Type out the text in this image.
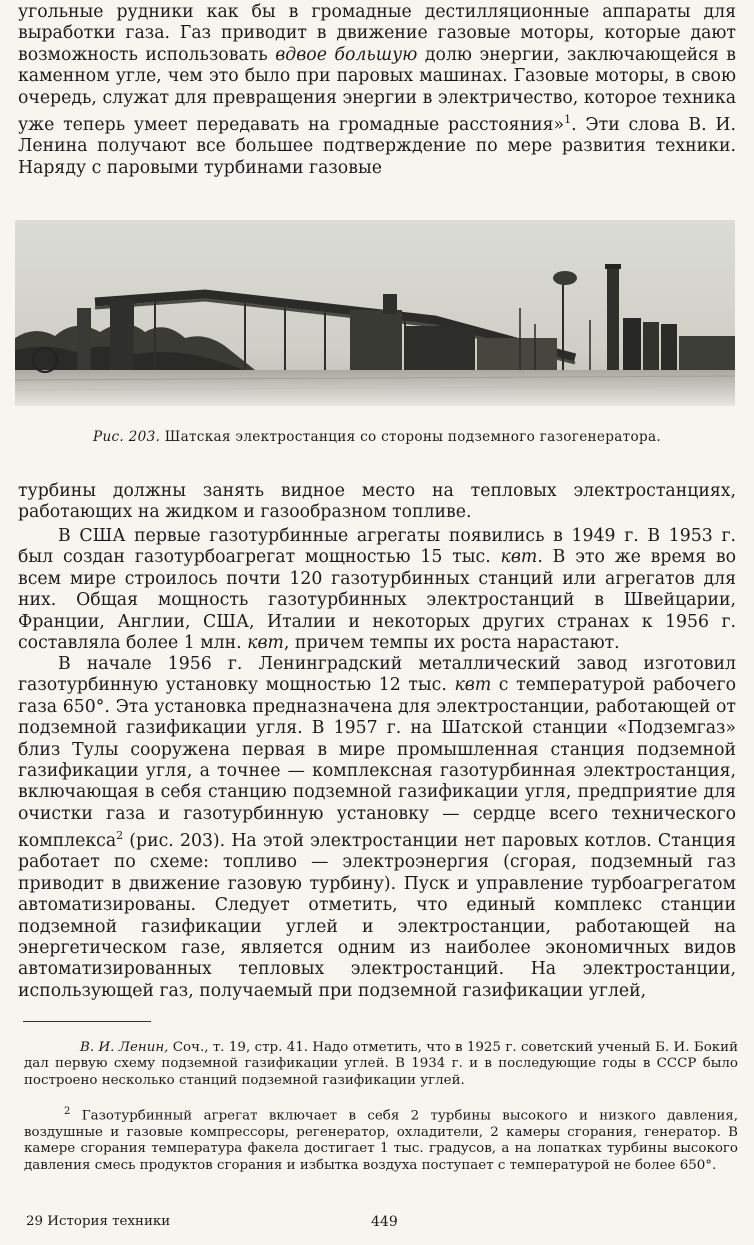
угольные рудники как бы в громадные дестилляционные аппараты для выработки газа. Газ приводит в движение газовые моторы, которые дают возможность использовать вдвое большую долю энергии, заключающейся в каменном угле, чем это было при паровых машинах. Газовые моторы, в свою очередь, служат для превращения энергии в электричество, которое техника уже теперь умеет передавать на громадные расстояния»$^1$. Эти слова В. И. Ленина получают все большее подтверждение по мере развития техники. Наряду с паровыми турбинами газовые

Рис. 203. Шатская электростанция со стороны подземного газогенератора.

турбины должны занять видное место на тепловых электростанциях, работающих на жидком и газообразном топливе.

В США первые газотурбинные агрегаты появились в 1949 г. В 1953 г. был создан газотурбоагрегат мощностью 15 тыс. квт. В это же время во всем мире строилось почти 120 газотурбинных станций или агрегатов для них. Общая мощность газотурбинных электростанций в Швейцарии, Франции, Англии, США, Италии и некоторых других странах к 1956 г. составляла более 1 млн. квт, причем темпы их роста нарастают.

В начале 1956 г. Ленинградский металлический завод изготовил газотурбинную установку мощностью 12 тыс. квт с температурой рабочего газа 650°. Эта установка предназначена для электростанции, работающей от подземной газификации угля. В 1957 г. на Шатской станции «Подземгаз» близ Тулы сооружена первая в мире промышленная станция подземной газификации угля, а точнее — комплексная газотурбинная электростанция, включающая в себя станцию подземной газификации угля, предприятие для очистки газа и газотурбинную установку — сердце всего технического комплекса$^2$ (рис. 203). На этой электростанции нет паровых котлов. Станция работает по схеме: топливо — электроэнергия (сгорая, подземный газ приводит в движение газовую турбину). Пуск и управление турбоагрегатом автоматизированы. Следует отметить, что единый комплекс станции подземной газификации углей и электростанции, работающей на энергетическом газе, является одним из наиболее экономичных видов автоматизированных тепловых электростанций. На электростанции, использующей газ, получаемый при подземной газификации углей,

В. И. Ленин, Соч., т. 19, стр. 41. Надо отметить, что в 1925 г. советский ученый Б. И. Бокий дал первую схему подземной газификации углей. В 1934 г. и в последующие годы в СССР было построено несколько станций подземной газификации углей.

$^2$ Газотурбинный агрегат включает в себя 2 турбины высокого и низкого давления, воздушные и газовые компрессоры, регенератор, охладители, 2 камеры сгорания, генератор. В камере сгорания температура факела достигает 1 тыс. градусов, а на лопатках турбины высокого давления смесь продуктов сгорания и избытка воздуха поступает с температурой не более 650°.

29 История техники	449
